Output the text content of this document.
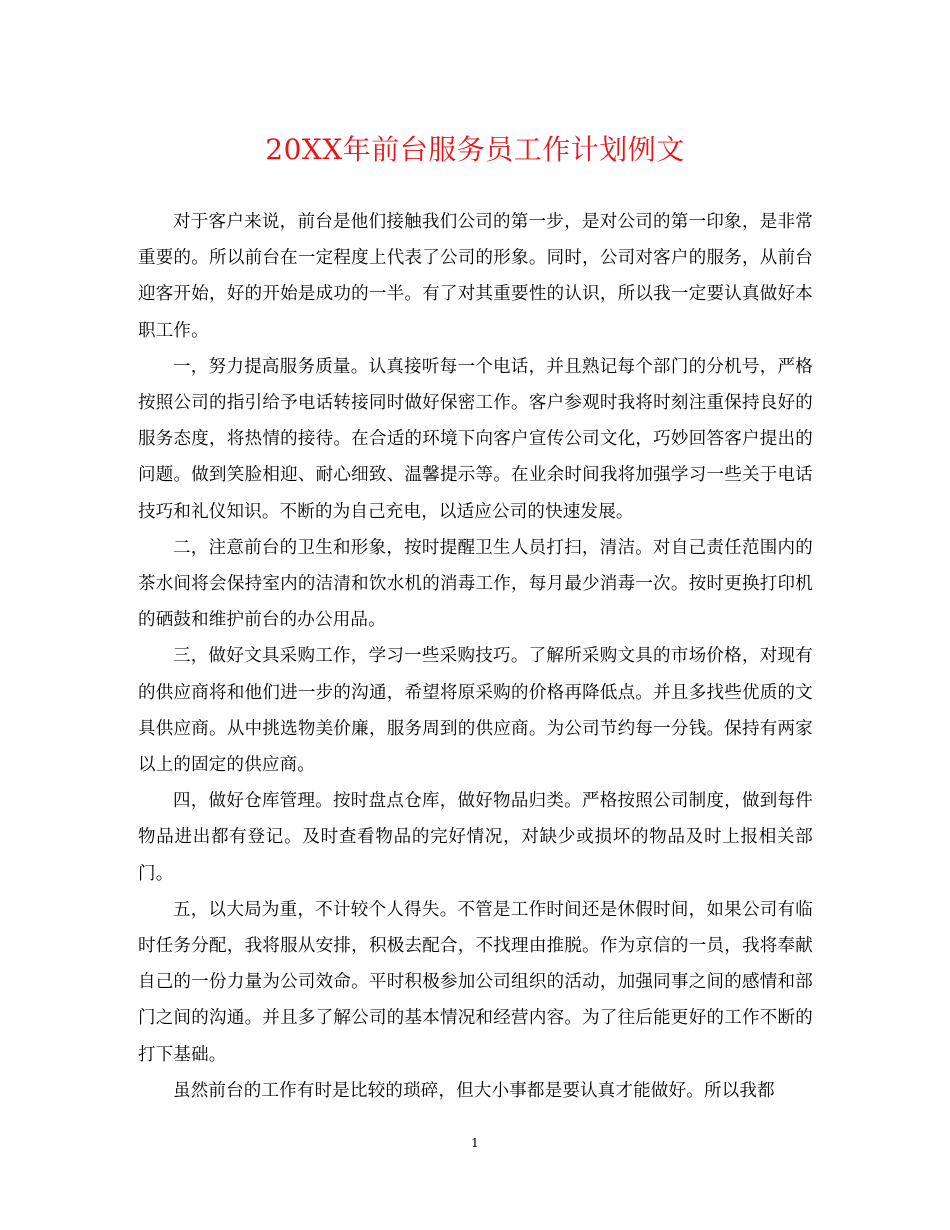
20XX年前台服务员工作计划例文

对于客户来说，前台是他们接触我们公司的第一步，是对公司的第一印象，是非常重要的。所以前台在一定程度上代表了公司的形象。同时，公司对客户的服务，从前台迎客开始，好的开始是成功的一半。有了对其重要性的认识，所以我一定要认真做好本职工作。

一，努力提高服务质量。认真接听每一个电话，并且熟记每个部门的分机号，严格按照公司的指引给予电话转接同时做好保密工作。客户参观时我将时刻注重保持良好的服务态度，将热情的接待。在合适的环境下向客户宣传公司文化，巧妙回答客户提出的问题。做到笑脸相迎、耐心细致、温馨提示等。在业余时间我将加强学习一些关于电话技巧和礼仪知识。不断的为自己充电，以适应公司的快速发展。

二，注意前台的卫生和形象，按时提醒卫生人员打扫，清洁。对自己责任范围内的茶水间将会保持室内的洁清和饮水机的消毒工作，每月最少消毒一次。按时更换打印机的硒鼓和维护前台的办公用品。

三，做好文具采购工作，学习一些采购技巧。了解所采购文具的市场价格，对现有的供应商将和他们进一步的沟通，希望将原采购的价格再降低点。并且多找些优质的文具供应商。从中挑选物美价廉，服务周到的供应商。为公司节约每一分钱。保持有两家以上的固定的供应商。

四，做好仓库管理。按时盘点仓库，做好物品归类。严格按照公司制度，做到每件物品进出都有登记。及时查看物品的完好情况，对缺少或损坏的物品及时上报相关部门。

五，以大局为重，不计较个人得失。不管是工作时间还是休假时间，如果公司有临时任务分配，我将服从安排，积极去配合，不找理由推脱。作为京信的一员，我将奉献自己的一份力量为公司效命。平时积极参加公司组织的活动，加强同事之间的感情和部门之间的沟通。并且多了解公司的基本情况和经营内容。为了往后能更好的工作不断的打下基础。

虽然前台的工作有时是比较的琐碎，但大小事都是要认真才能做好。所以我都

1
